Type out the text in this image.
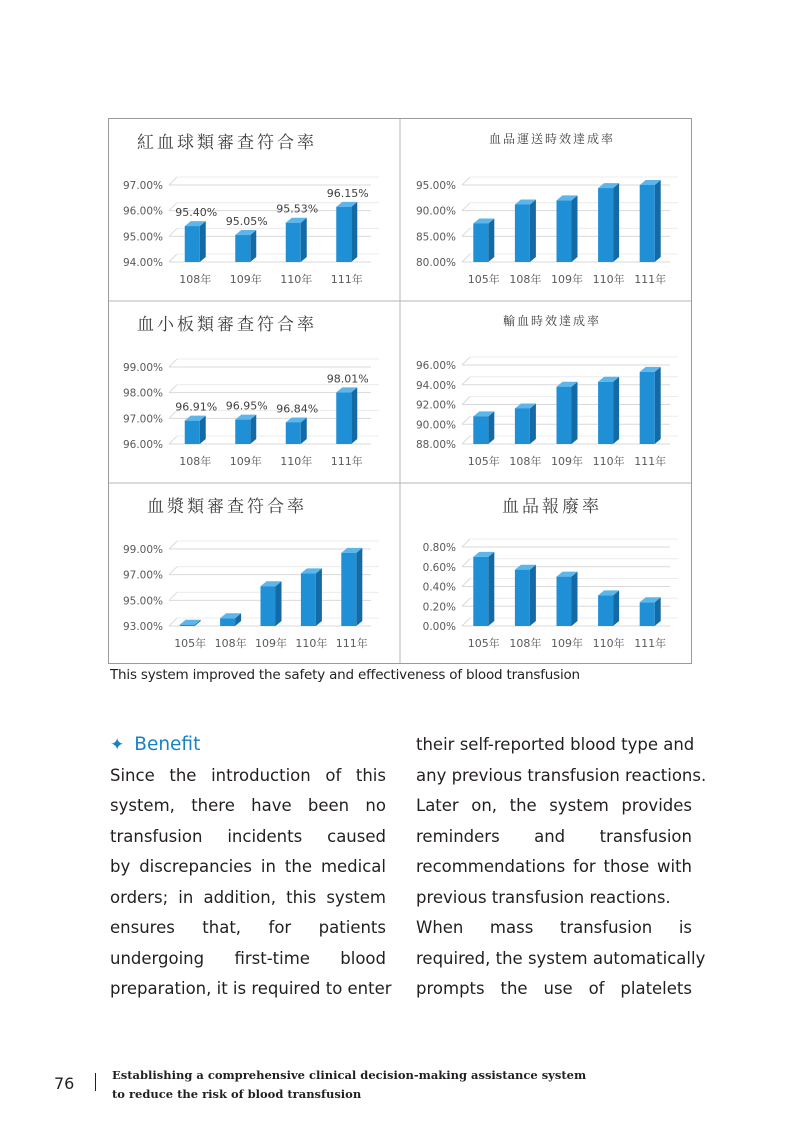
紅血球類審查符合率
94.00%
95.00%
96.00%
97.00%
95.40%
108年
95.05%
109年
95.53%
110年
96.15%
111年
血品運送時效達成率
80.00%
85.00%
90.00%
95.00%
105年 108年 109年 110年 111年
血小板類審查符合率
96.00%
97.00%
98.00%
99.00%
96.91%
108年
96.95%
109年
96.84%
110年
98.01%
111年
輸血時效達成率
88.00%
90.00%
92.00%
94.00%
96.00%
105年 108年 109年 110年 111年
血漿類審查符合率
93.00%
95.00%
97.00%
99.00%
105年 108年 109年 110年 111年
血品報廢率
0.00%
0.20%
0.40%
0.60%
0.80%
105年 108年 109年 110年 111年
This system improved the safety and effectiveness of blood transfusion
✦ Benefit
Since the introduction of this
system, there have been no
transfusion incidents caused
by discrepancies in the medical
orders; in addition, this system
ensures that, for patients
undergoing first-time blood
preparation, it is required to enter
their self-reported blood type and
any previous transfusion reactions.
Later on, the system provides
reminders and transfusion
recommendations for those with
previous transfusion reactions.
When mass transfusion is
required, the system automatically
prompts the use of platelets
76	Establishing a comprehensive clinical decision-making assistance system
to reduce the risk of blood transfusion
